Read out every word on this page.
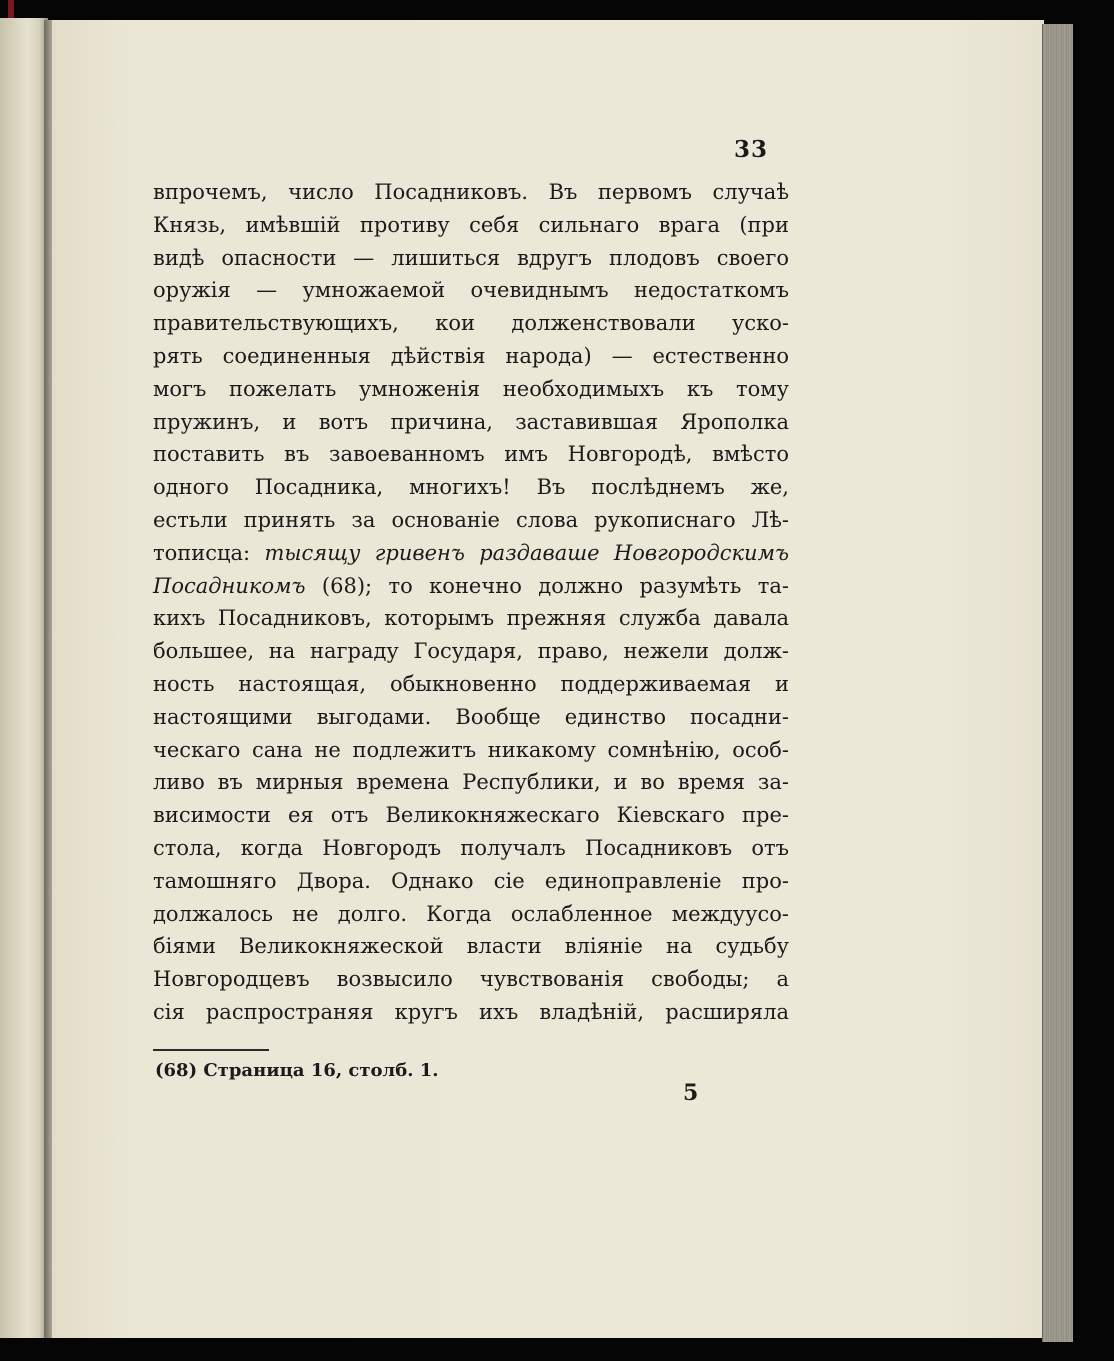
33
впрочемъ, число Посадниковъ. Въ первомъ случаѣ
Князь, имѣвшій противу себя сильнаго врага (при
видѣ опасности — лишиться вдругъ плодовъ своего
оружія — умножаемой очевиднымъ недостаткомъ
правительствующихъ, кои долженствовали уско-
рять соединенныя дѣйствія народа) — естественно
могъ пожелать умноженія необходимыхъ къ тому
пружинъ, и вотъ причина, заставившая Ярополка
поставить въ завоеванномъ имъ Новгородѣ, вмѣсто
одного Посадника, многихъ! Въ послѣднемъ же,
естьли принять за основаніе слова рукописнаго Лѣ-
тописца: тысящу гривенъ раздаваше Новгородскимъ
Посадникомъ (68); то конечно должно разумѣть та-
кихъ Посадниковъ, которымъ прежняя служба давала
большее, на награду Государя, право, нежели долж-
ность настоящая, обыкновенно поддерживаемая и
настоящими выгодами. Вообще единство посадни-
ческаго сана не подлежитъ никакому сомнѣнію, особ-
ливо въ мирныя времена Республики, и во время за-
висимости ея отъ Великокняжескаго Кіевскаго пре-
стола, когда Новгородъ получалъ Посадниковъ отъ
тамошняго Двора. Однако сіе единоправленіе про-
должалось не долго. Когда ослабленное междуусо-
біями Великокняжеской власти вліяніе на судьбу
Новгородцевъ возвысило чувствованія свободы; а
сія распространяя кругъ ихъ владѣній, расширяла
(68) Страница 16, столб. 1.
5
